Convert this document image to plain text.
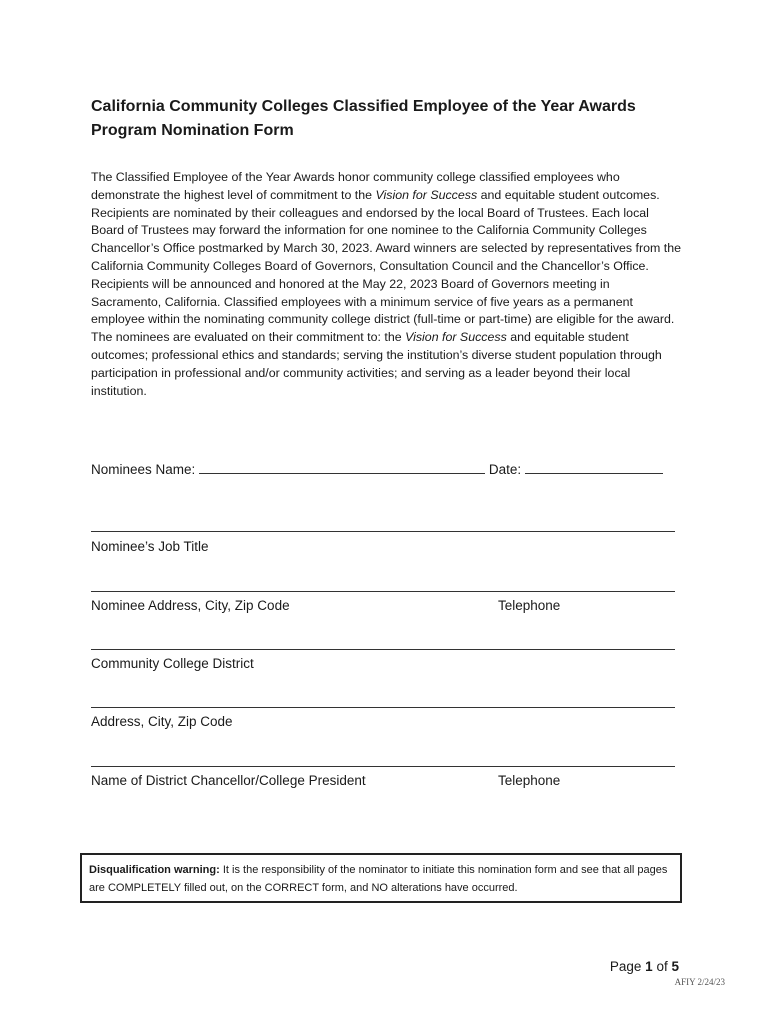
California Community Colleges Classified Employee of the Year Awards
Program Nomination Form

The Classified Employee of the Year Awards honor community college classified employees who demonstrate the highest level of commitment to the Vision for Success and equitable student outcomes. Recipients are nominated by their colleagues and endorsed by the local Board of Trustees. Each local Board of Trustees may forward the information for one nominee to the California Community Colleges Chancellor’s Office postmarked by March 30, 2023. Award winners are selected by representatives from the California Community Colleges Board of Governors, Consultation Council and the Chancellor’s Office. Recipients will be announced and honored at the May 22, 2023 Board of Governors meeting in Sacramento, California. Classified employees with a minimum service of five years as a permanent employee within the nominating community college district (full-time or part-time) are eligible for the award. The nominees are evaluated on their commitment to: the Vision for Success and equitable student outcomes; professional ethics and standards; serving the institution’s diverse student population through participation in professional and/or community activities; and serving as a leader beyond their local institution.

Nominees Name:	Date:
Nominee’s Job Title
Nominee Address, City, Zip Code	Telephone
Community College District
Address, City, Zip Code
Name of District Chancellor/College President	Telephone
Disqualification warning: It is the responsibility of the nominator to initiate this nomination form and see that all pages are COMPLETELY filled out, on the CORRECT form, and NO alterations have occurred.
Page 1 of 5
AFIY 2/24/23
